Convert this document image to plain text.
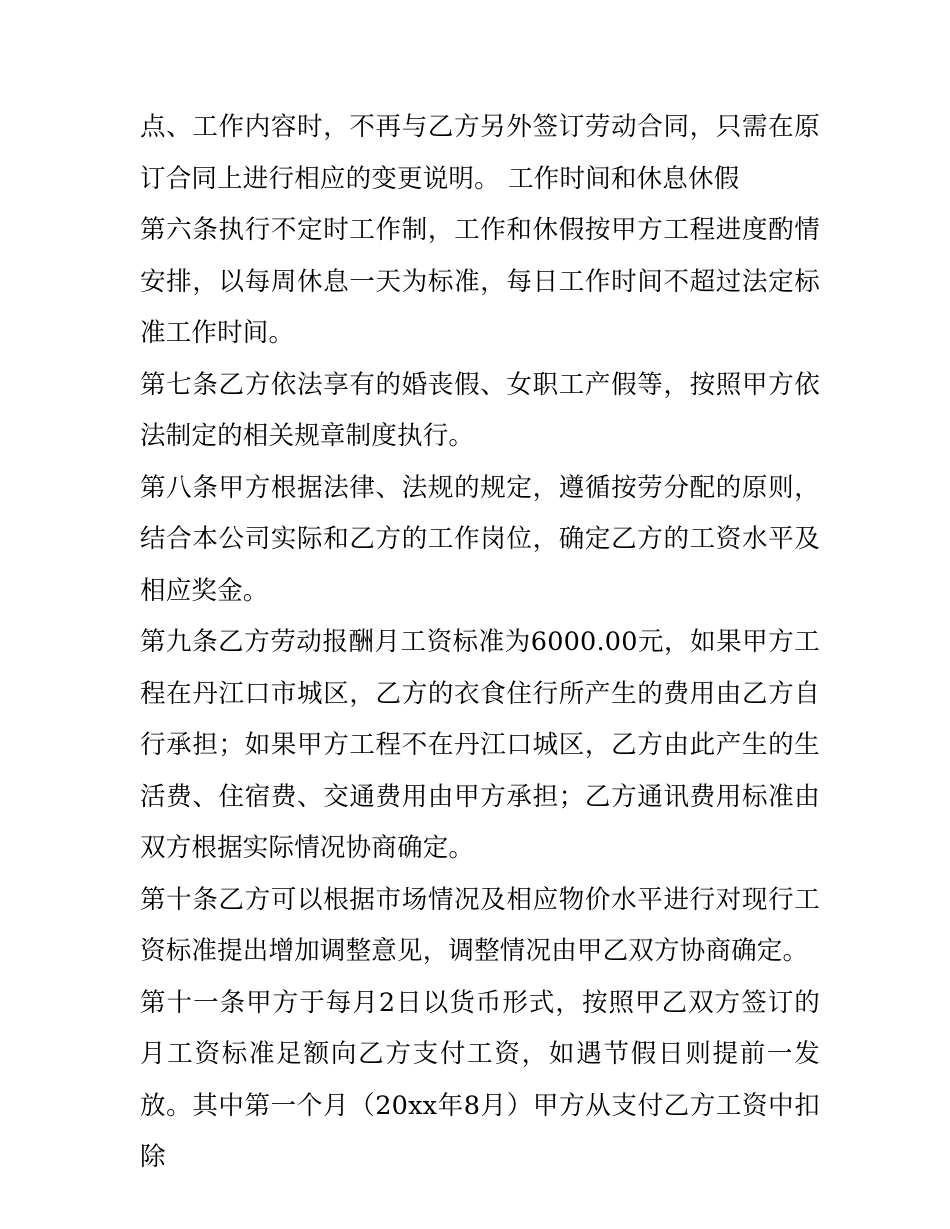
点、工作内容时，不再与乙方另外签订劳动合同，只需在原订合同上进行相应的变更说明。 工作时间和休息休假

第六条执行不定时工作制，工作和休假按甲方工程进度酌情安排，以每周休息一天为标准，每日工作时间不超过法定标准工作时间。

第七条乙方依法享有的婚丧假、女职工产假等，按照甲方依法制定的相关规章制度执行。

第八条甲方根据法律、法规的规定，遵循按劳分配的原则，结合本公司实际和乙方的工作岗位，确定乙方的工资水平及相应奖金。

第九条乙方劳动报酬月工资标准为6000.00元，如果甲方工程在丹江口市城区，乙方的衣食住行所产生的费用由乙方自行承担；如果甲方工程不在丹江口城区，乙方由此产生的生活费、住宿费、交通费用由甲方承担；乙方通讯费用标准由双方根据实际情况协商确定。

第十条乙方可以根据市场情况及相应物价水平进行对现行工资标准提出增加调整意见，调整情况由甲乙双方协商确定。

第十一条甲方于每月2日以货币形式，按照甲乙双方签订的月工资标准足额向乙方支付工资，如遇节假日则提前一发放。其中第一个月（20xx年8月）甲方从支付乙方工资中扣除
